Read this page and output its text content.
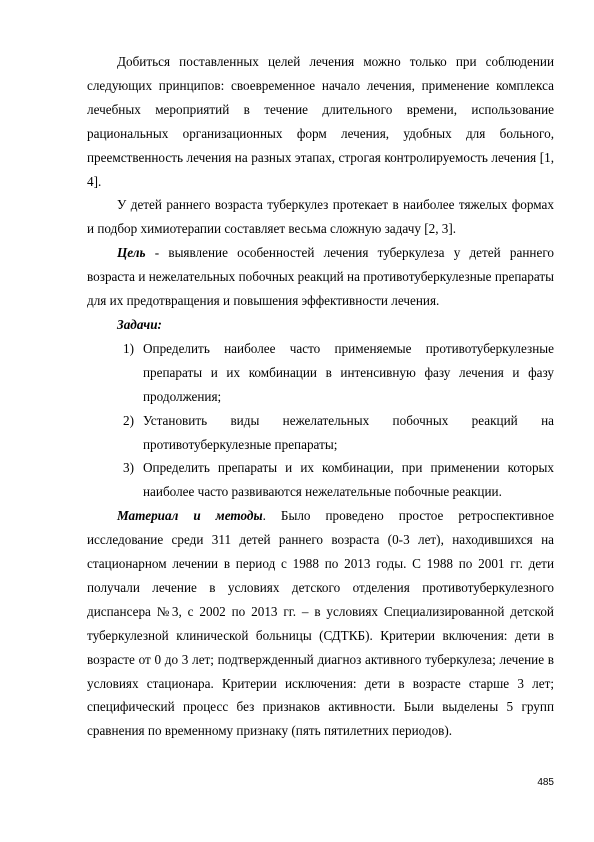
Добиться поставленных целей лечения можно только при соблюдении следующих принципов: своевременное начало лечения, применение комплекса лечебных мероприятий в течение длительного времени, использование рациональных организационных форм лечения, удобных для больного, преемственность лечения на разных этапах, строгая контролируемость лечения [1, 4].

У детей раннего возраста туберкулез протекает в наиболее тяжелых формах и подбор химиотерапии составляет весьма сложную задачу [2, 3].

Цель - выявление особенностей лечения туберкулеза у детей раннего возраста и нежелательных побочных реакций на противотуберкулезные препараты для их предотвращения и повышения эффективности лечения.

Задачи:

1) Определить наиболее часто применяемые противотуберкулезные препараты и их комбинации в интенсивную фазу лечения и фазу продолжения;
2) Установить виды нежелательных побочных реакций на противотуберкулезные препараты;
3) Определить препараты и их комбинации, при применении которых наиболее часто развиваются нежелательные побочные реакции.

Материал и методы. Было проведено простое ретроспективное исследование среди 311 детей раннего возраста (0-3 лет), находившихся на стационарном лечении в период с 1988 по 2013 годы. С 1988 по 2001 гг. дети получали лечение в условиях детского отделения противотуберкулезного диспансера №3, с 2002 по 2013 гг. – в условиях Специализированной детской туберкулезной клинической больницы (СДТКБ). Критерии включения: дети в возрасте от 0 до 3 лет; подтвержденный диагноз активного туберкулеза; лечение в условиях стационара. Критерии исключения: дети в возрасте старше 3 лет; специфический процесс без признаков активности. Были выделены 5 групп сравнения по временному признаку (пять пятилетних периодов).

485
